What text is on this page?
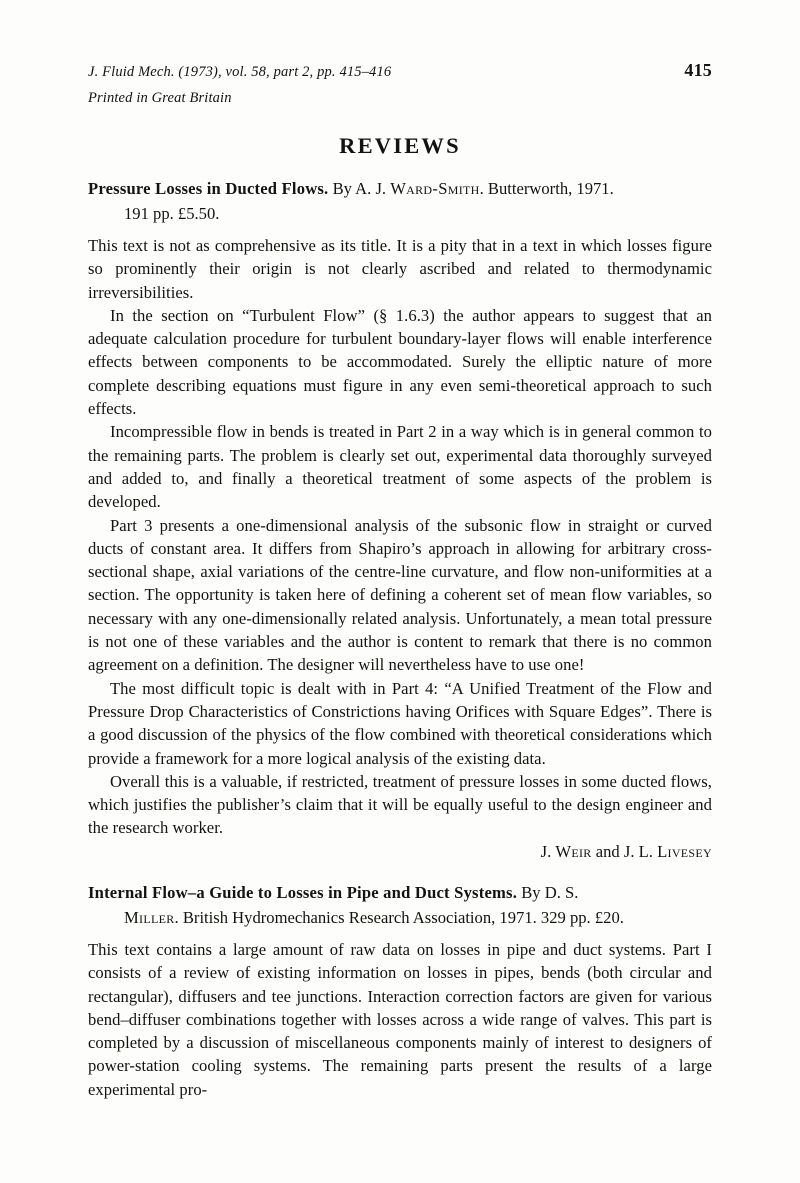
J. Fluid Mech. (1973), vol. 58, part 2, pp. 415–416	415
Printed in Great Britain
REVIEWS
Pressure Losses in Ducted Flows. By A. J. Ward-Smith. Butterworth, 1971.
191 pp. £5.50.

This text is not as comprehensive as its title. It is a pity that in a text in which losses figure so prominently their origin is not clearly ascribed and related to thermodynamic irreversibilities.

In the section on “Turbulent Flow” (§ 1.6.3) the author appears to suggest that an adequate calculation procedure for turbulent boundary-layer flows will enable interference effects between components to be accommodated. Surely the elliptic nature of more complete describing equations must figure in any even semi-theoretical approach to such effects.

Incompressible flow in bends is treated in Part 2 in a way which is in general common to the remaining parts. The problem is clearly set out, experimental data thoroughly surveyed and added to, and finally a theoretical treatment of some aspects of the problem is developed.

Part 3 presents a one-dimensional analysis of the subsonic flow in straight or curved ducts of constant area. It differs from Shapiro’s approach in allowing for arbitrary cross-sectional shape, axial variations of the centre-line curvature, and flow non-uniformities at a section. The opportunity is taken here of defining a coherent set of mean flow variables, so necessary with any one-dimensionally related analysis. Unfortunately, a mean total pressure is not one of these variables and the author is content to remark that there is no common agreement on a definition. The designer will nevertheless have to use one!

The most difficult topic is dealt with in Part 4: “A Unified Treatment of the Flow and Pressure Drop Characteristics of Constrictions having Orifices with Square Edges”. There is a good discussion of the physics of the flow combined with theoretical considerations which provide a framework for a more logical analysis of the existing data.

Overall this is a valuable, if restricted, treatment of pressure losses in some ducted flows, which justifies the publisher’s claim that it will be equally useful to the design engineer and the research worker.

J. Weir and J. L. Livesey
Internal Flow–a Guide to Losses in Pipe and Duct Systems. By D. S.
Miller. British Hydromechanics Research Association, 1971. 329 pp. £20.

This text contains a large amount of raw data on losses in pipe and duct systems. Part I consists of a review of existing information on losses in pipes, bends (both circular and rectangular), diffusers and tee junctions. Interaction correction factors are given for various bend–diffuser combinations together with losses across a wide range of valves. This part is completed by a discussion of miscellaneous components mainly of interest to designers of power-station cooling systems. The remaining parts present the results of a large experimental pro-
